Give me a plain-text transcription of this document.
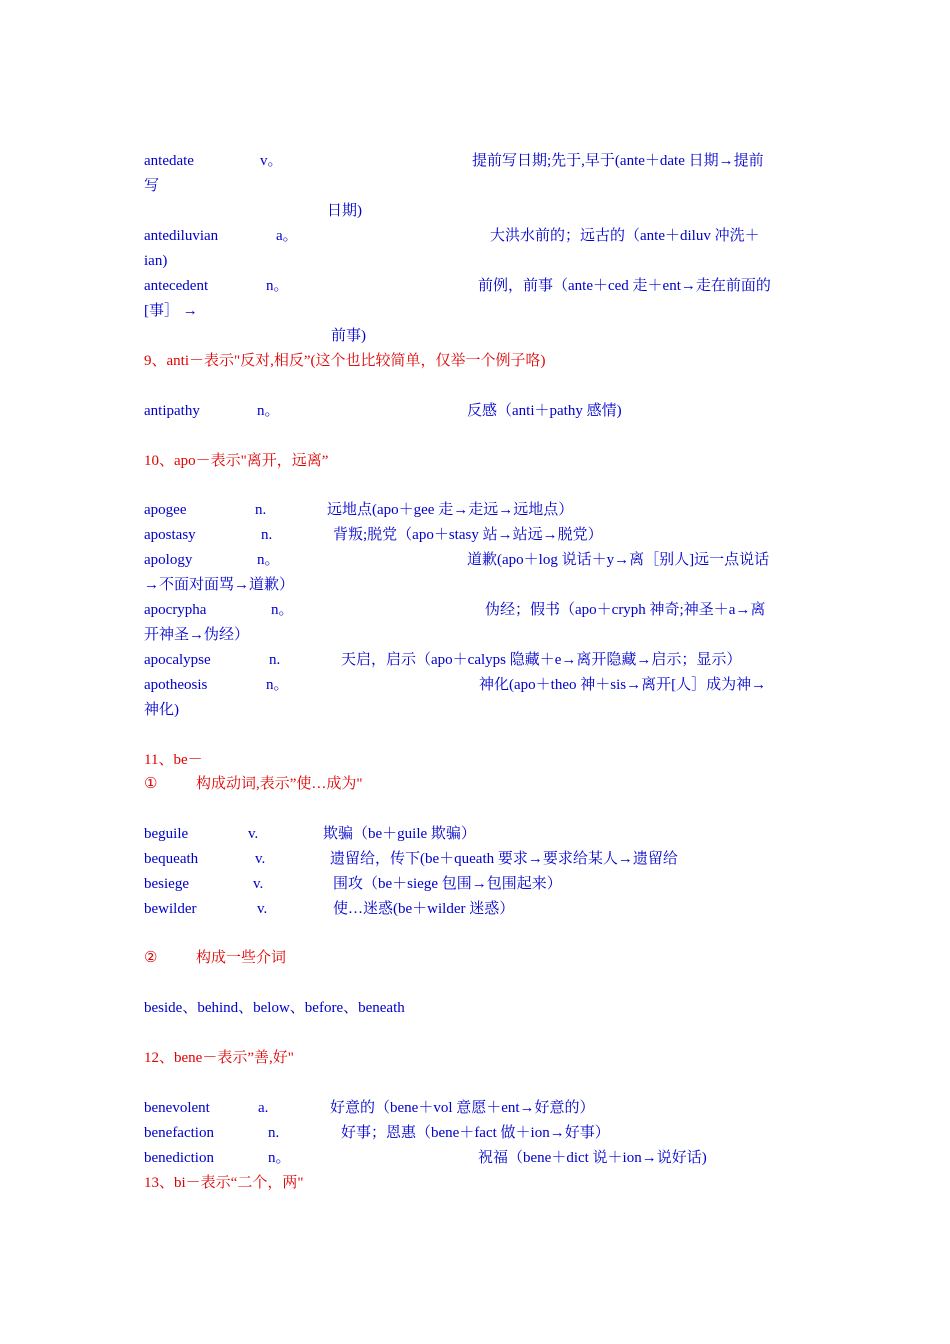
antedate	v。	提前写日期;先于,早于(ante＋date 日期→提前
写
日期)
antediluvian	a。	大洪水前的；远古的（ante＋diluv 冲洗＋
ian)
antecedent	n。	前例，前事（ante＋ced 走＋ent→走在前面的
[事］ →
前事)
9、anti－表示"反对,相反”(这个也比较简单，仅举一个例子咯)
antipathy	n。	反感（anti＋pathy 感情)
10、apo－表示"离开，远离”
apogee	n.	远地点(apo＋gee 走→走远→远地点）
apostasy	n.	背叛;脱党（apo＋stasy 站→站远→脱党）
apology	n。	道歉(apo＋log 说话＋y→离［别人]远一点说话
→不面对面骂→道歉）
apocrypha	n。	伪经；假书（apo＋cryph 神奇;神圣＋a→离
开神圣→伪经）
apocalypse	n.	天启，启示（apo＋calyps 隐藏＋e→离开隐藏→启示；显示）
apotheosis	n。	神化(apo＋theo 神＋sis→离开[人］成为神→
神化)
11、be－
①	构成动词,表示”使…成为"
beguile	v.	欺骗（be＋guile 欺骗）
bequeath	v.	遗留给，传下(be＋queath 要求→要求给某人→遗留给
besiege	v.	围攻（be＋siege 包围→包围起来）
bewilder	v.	使…迷惑(be＋wilder 迷惑）
②	构成一些介词
beside、behind、below、before、beneath
12、bene－表示”善,好"
benevolent	a.	好意的（bene＋vol 意愿＋ent→好意的）
benefaction	n.	好事；恩惠（bene＋fact 做＋ion→好事）
benediction	n。	祝福（bene＋dict 说＋ion→说好话)
13、bi－表示“二个，两"
